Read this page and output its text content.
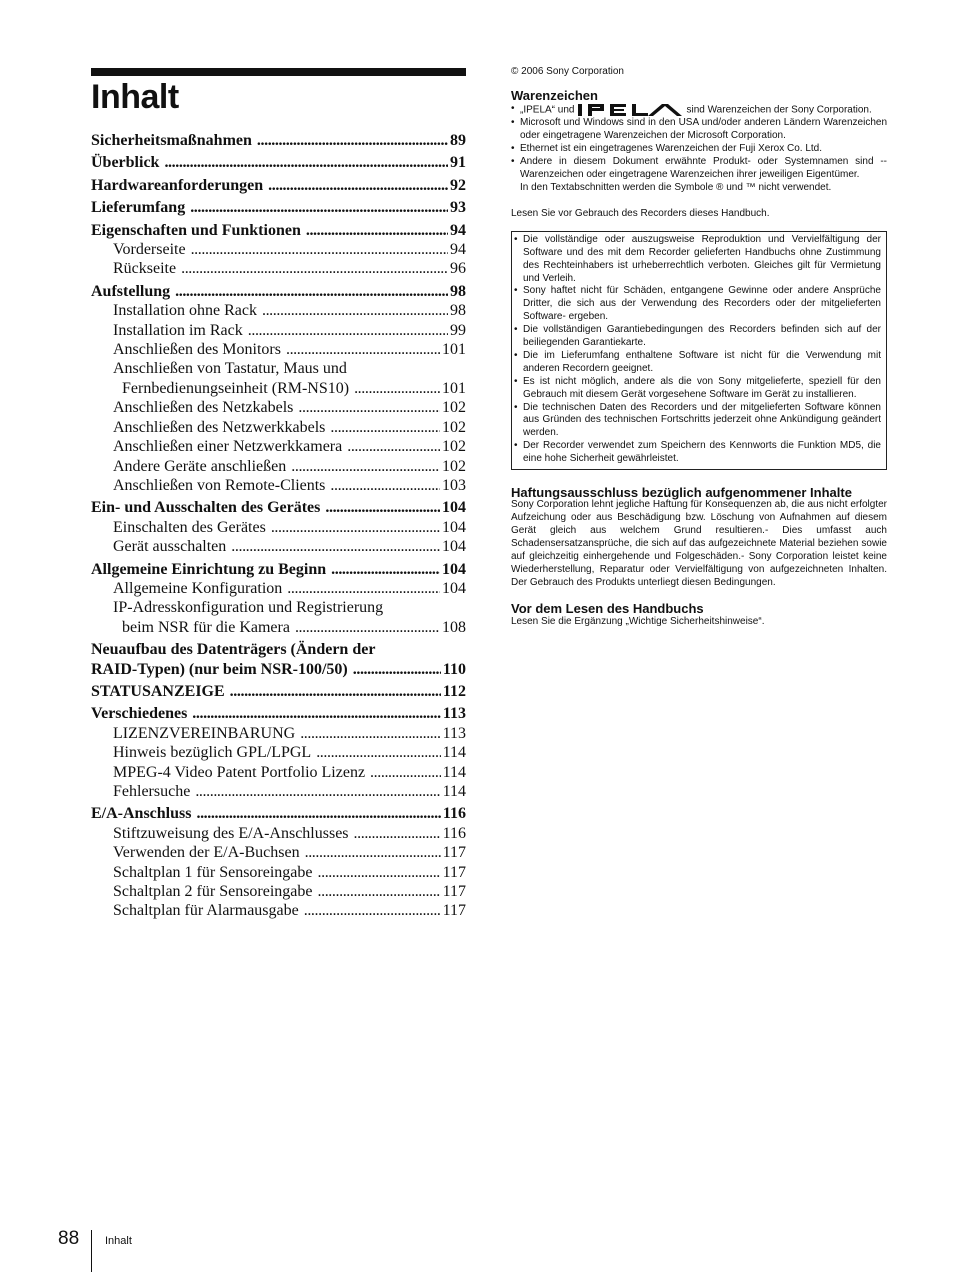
Inhalt
Sicherheitsmaßnahmen . . .	89
Überblick . . .	91
Hardwareanforderungen . . .	92
Lieferumfang . . .	93
Eigenschaften und Funktionen . . .	94
Vorderseite . . .	94
Rückseite . . .	96
Aufstellung . . .	98
Installation ohne Rack . . .	98
Installation im Rack . . .	99
Anschließen des Monitors . . .	101
Anschließen von Tastatur, Maus und
Fernbedienungseinheit (RM-NS10) . . .	101
Anschließen des Netzkabels . . .	102
Anschließen des Netzwerkkabels . . .	102
Anschließen einer Netzwerkkamera . . .	102
Andere Geräte anschließen . . .	102
Anschließen von Remote-Clients . . .	103
Ein- und Ausschalten des Gerätes . . .	104
Einschalten des Gerätes . . .	104
Gerät ausschalten . . .	104
Allgemeine Einrichtung zu Beginn . . .	104
Allgemeine Konfiguration . . .	104
IP-Adresskonfiguration und Registrierung
beim NSR für die Kamera . . .	108
Neuaufbau des Datenträgers (Ändern der
RAID-Typen) (nur beim NSR-100/50) . . .	110
STATUSANZEIGE . . .	112
Verschiedenes . . .	113
LIZENZVEREINBARUNG . . .	113
Hinweis bezüglich GPL/LPGL . . .	114
MPEG-4 Video Patent Portfolio Lizenz . . .	114
Fehlersuche . . .	114
E/A-Anschluss . . .	116
Stiftzuweisung des E/A-Anschlusses . . .	116
Verwenden der E/A-Buchsen . . .	117
Schaltplan 1 für Sensoreingabe . . .	117
Schaltplan 2 für Sensoreingabe . . .	117
Schaltplan für Alarmausgabe . . .	117
© 2006 Sony Corporation
Warenzeichen
• „IPELA“ und	sind Warenzeichen der Sony Corporation.
• Microsoft und Windows sind in den USA und/oder anderen Ländern Warenzeichen oder eingetragene Warenzeichen der Microsoft Corporation.
• Ethernet ist ein eingetragenes Warenzeichen der Fuji Xerox Co. Ltd.
• Andere in diesem Dokument erwähnte Produkt- oder Systemnamen sind --Warenzeichen oder eingetragene Warenzeichen ihrer jeweiligen Eigentümer.
In den Textabschnitten werden die Symbole ® und ™ nicht verwendet.
Lesen Sie vor Gebrauch des Recorders dieses Handbuch.
• Die vollständige oder auszugsweise Reproduktion und Vervielfältigung der Software und des mit dem Recorder gelieferten Handbuchs ohne Zustimmung des Rechteinhabers ist urheberrechtlich verboten. Gleiches gilt für Vermietung und Verleih.
• Sony haftet nicht für Schäden, entgangene Gewinne oder andere Ansprüche Dritter, die sich aus der Verwendung des Recorders oder der mitgelieferten Software- ergeben.
• Die vollständigen Garantiebedingungen des Recorders befinden sich auf der beiliegenden Garantiekarte.
• Die im Lieferumfang enthaltene Software ist nicht für die Verwendung mit anderen Recordern geeignet.
• Es ist nicht möglich, andere als die von Sony mitgelieferte, speziell für den Gebrauch mit diesem Gerät vorgesehene Software im Gerät zu installieren.
• Die technischen Daten des Recorders und der mitgelieferten Software können aus Gründen des technischen Fortschritts jederzeit ohne Ankündigung geändert werden.
• Der Recorder verwendet zum Speichern des Kennworts die Funktion MD5, die eine hohe Sicherheit gewährleistet.
Haftungsausschluss bezüglich aufgenommener Inhalte
Sony Corporation lehnt jegliche Haftung für Konsequenzen ab, die aus nicht erfolgter Aufzeichung oder aus Beschädigung bzw. Löschung von Aufnahmen auf diesem Gerät gleich aus welchem Grund resultieren.- Dies umfasst auch Schadensersatzansprüche, die sich auf das aufgezeichnete Material beziehen sowie auf gleichzeitig einhergehende und Folgeschäden.- Sony Corporation leistet keine Wiederherstellung, Reparatur oder Vervielfältigung von aufgezeichneten Inhalten. Der Gebrauch des Produkts unterliegt diesen Bedingungen.
Vor dem Lesen des Handbuchs
Lesen Sie die Ergänzung „Wichtige Sicherheitshinweise“.
88 Inhalt
